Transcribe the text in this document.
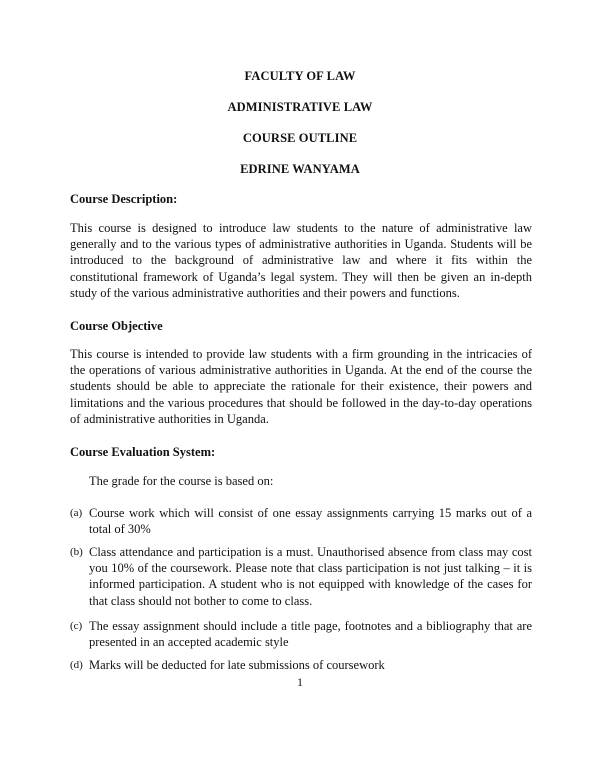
FACULTY OF LAW
ADMINISTRATIVE LAW
COURSE OUTLINE
EDRINE WANYAMA
Course Description:

This course is designed to introduce law students to the nature of administrative law generally and to the various types of administrative authorities in Uganda. Students will be introduced to the background of administrative law and where it fits within the constitutional framework of Uganda’s legal system. They will then be given an in-depth study of the various administrative authorities and their powers and functions.

Course Objective

This course is intended to provide law students with a firm grounding in the intricacies of the operations of various administrative authorities in Uganda. At the end of the course the students should be able to appreciate the rationale for their existence, their powers and limitations and the various procedures that should be followed in the day-to-day operations of administrative authorities in Uganda.

Course Evaluation System:
The grade for the course is based on:
(a) Course work which will consist of one essay assignments carrying 15 marks out of a total of 30%
(b) Class attendance and participation is a must. Unauthorised absence from class may cost you 10% of the coursework. Please note that class participation is not just talking – it is informed participation. A student who is not equipped with knowledge of the cases for that class should not bother to come to class.
(c) The essay assignment should include a title page, footnotes and a bibliography that are presented in an accepted academic style
(d) Marks will be deducted for late submissions of coursework
1
